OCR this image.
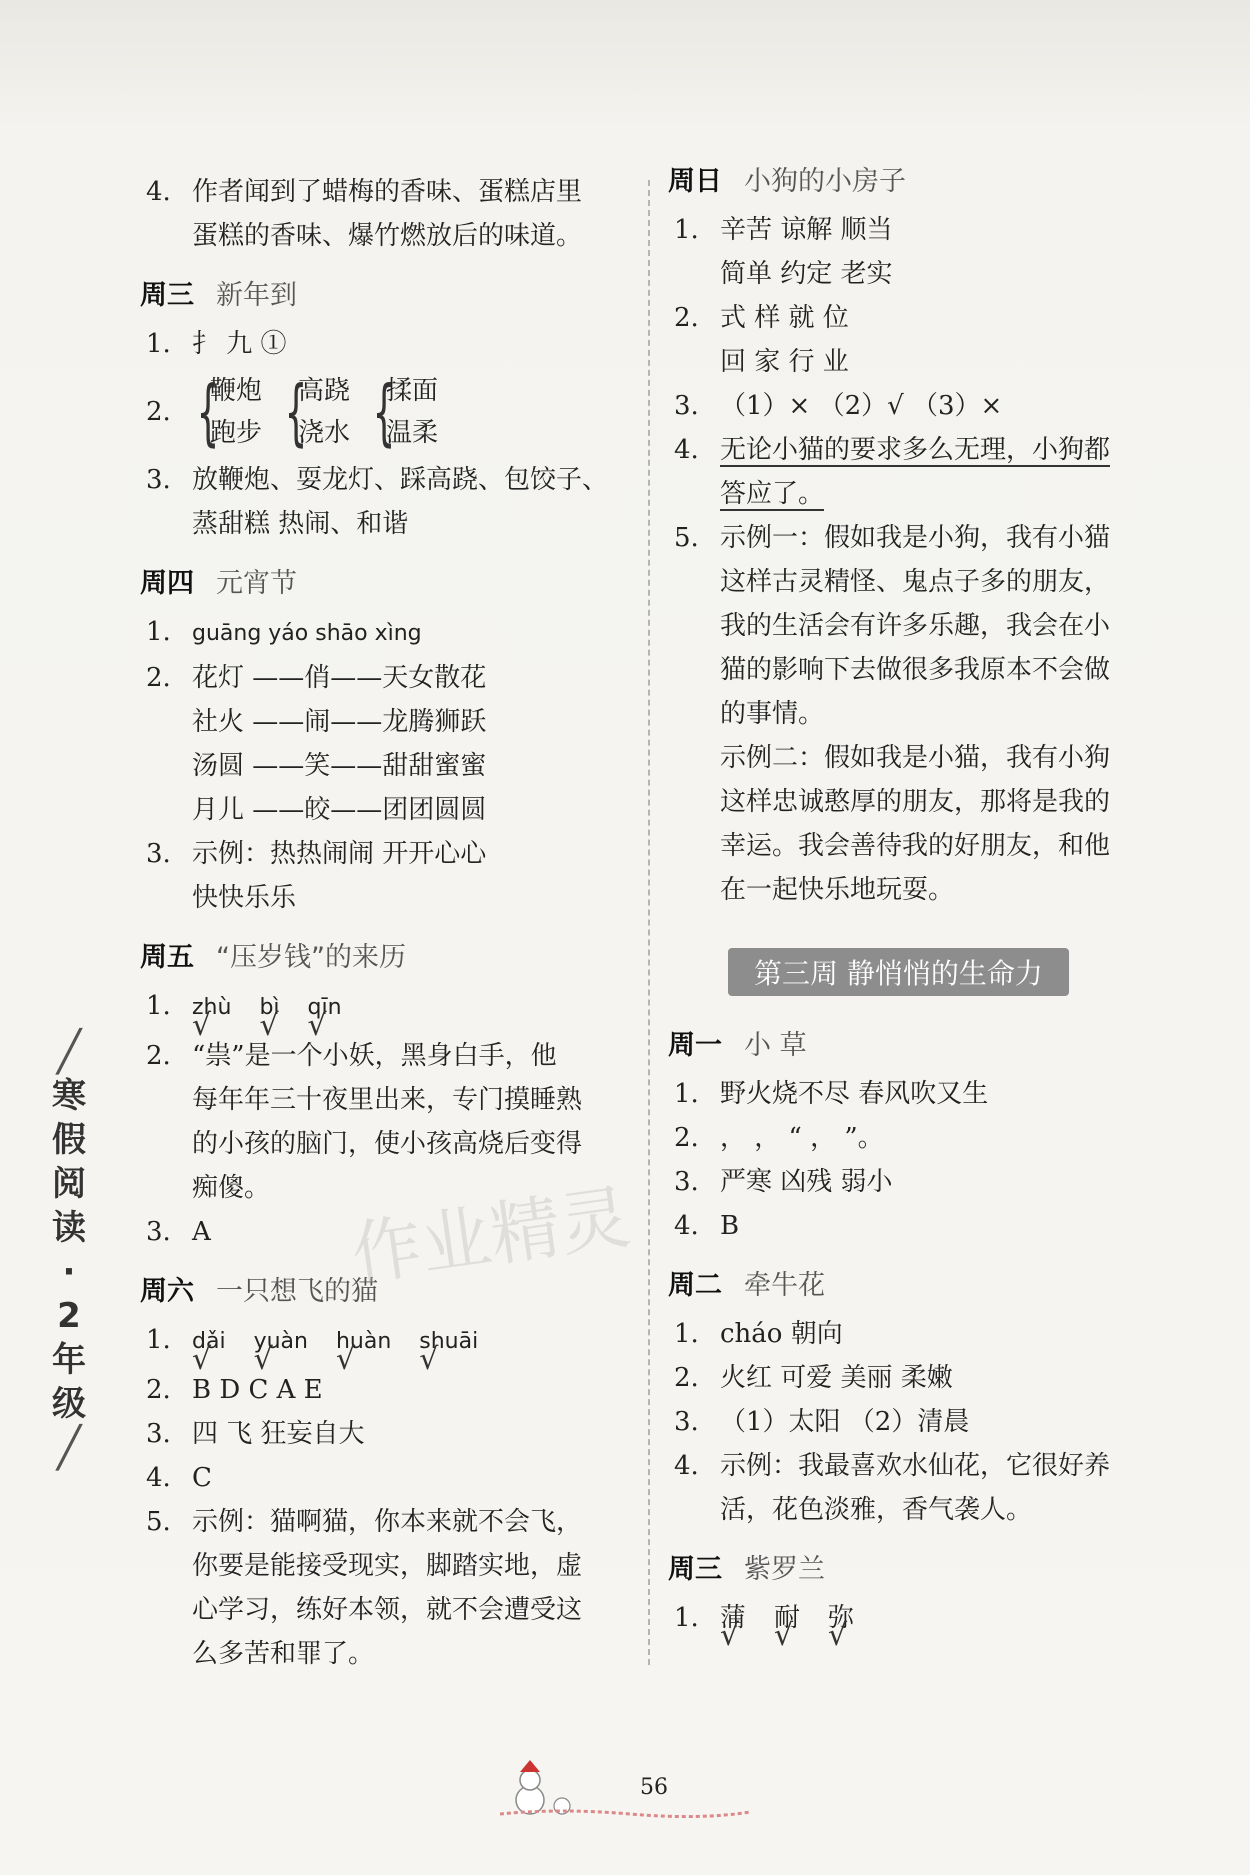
4. 作者闻到了蜡梅的香味、蛋糕店里

蛋糕的香味、爆竹燃放后的味道。

周三 新年到

1. 扌 九 ①

2. {
鞭炮
跑步 {
高跷
浇水 {
揉面
温柔

3. 放鞭炮、耍龙灯、踩高跷、包饺子、

蒸甜糕 热闹、和谐

周四 元宵节

1. guāng yáo shāo xìng

2. 花灯 ——俏——天女散花

社火 ——闹——龙腾狮跃

汤圆 ——笑——甜甜蜜蜜

月儿 ——皎——团团圆圆

3. 示例：热热闹闹 开开心心

快快乐乐

周五 “压岁钱”的来历

1. zhù √ bì √ qīn √

2. “祟”是一个小妖，黑身白手，他

每年年三十夜里出来，专门摸睡熟

的小孩的脑门，使小孩高烧后变得

痴傻。

3. A

周六 一只想飞的猫

1. dǎi √ yuàn √ huàn √ shuāi √

2. B D C A E

3. 四 飞 狂妄自大

4. C

5. 示例：猫啊猫，你本来就不会飞，

你要是能接受现实，脚踏实地，虚

心学习，练好本领，就不会遭受这

么多苦和罪了。

周日 小狗的小房子

1. 辛苦 谅解 顺当

简单 约定 老实

2. 式 样 就 位

回 家 行 业

3. （1）× （2）√ （3）×

4. 无论小猫的要求多么无理，小狗都

答应了。

5. 示例一：假如我是小狗，我有小猫

这样古灵精怪、鬼点子多的朋友，

我的生活会有许多乐趣，我会在小

猫的影响下去做很多我原本不会做

的事情。

示例二：假如我是小猫，我有小狗

这样忠诚憨厚的朋友，那将是我的

幸运。我会善待我的好朋友，和他

在一起快乐地玩耍。

第三周 静悄悄的生命力
周一 小 草

1. 野火烧不尽 春风吹又生

2. ， ， “ ， ”。

3. 严寒 凶残 弱小

4. B

周二 牵牛花

1. cháo 朝向

2. 火红 可爱 美丽 柔嫩

3. （1）太阳 （2）清晨

4. 示例：我最喜欢水仙花，它很好养

活，花色淡雅，香气袭人。

周三 紫罗兰

1. 蒲 √ 耐 √ 弥 √

╱
寒
假
阅
读
·
2
年
级
╱
作业精灵
56
